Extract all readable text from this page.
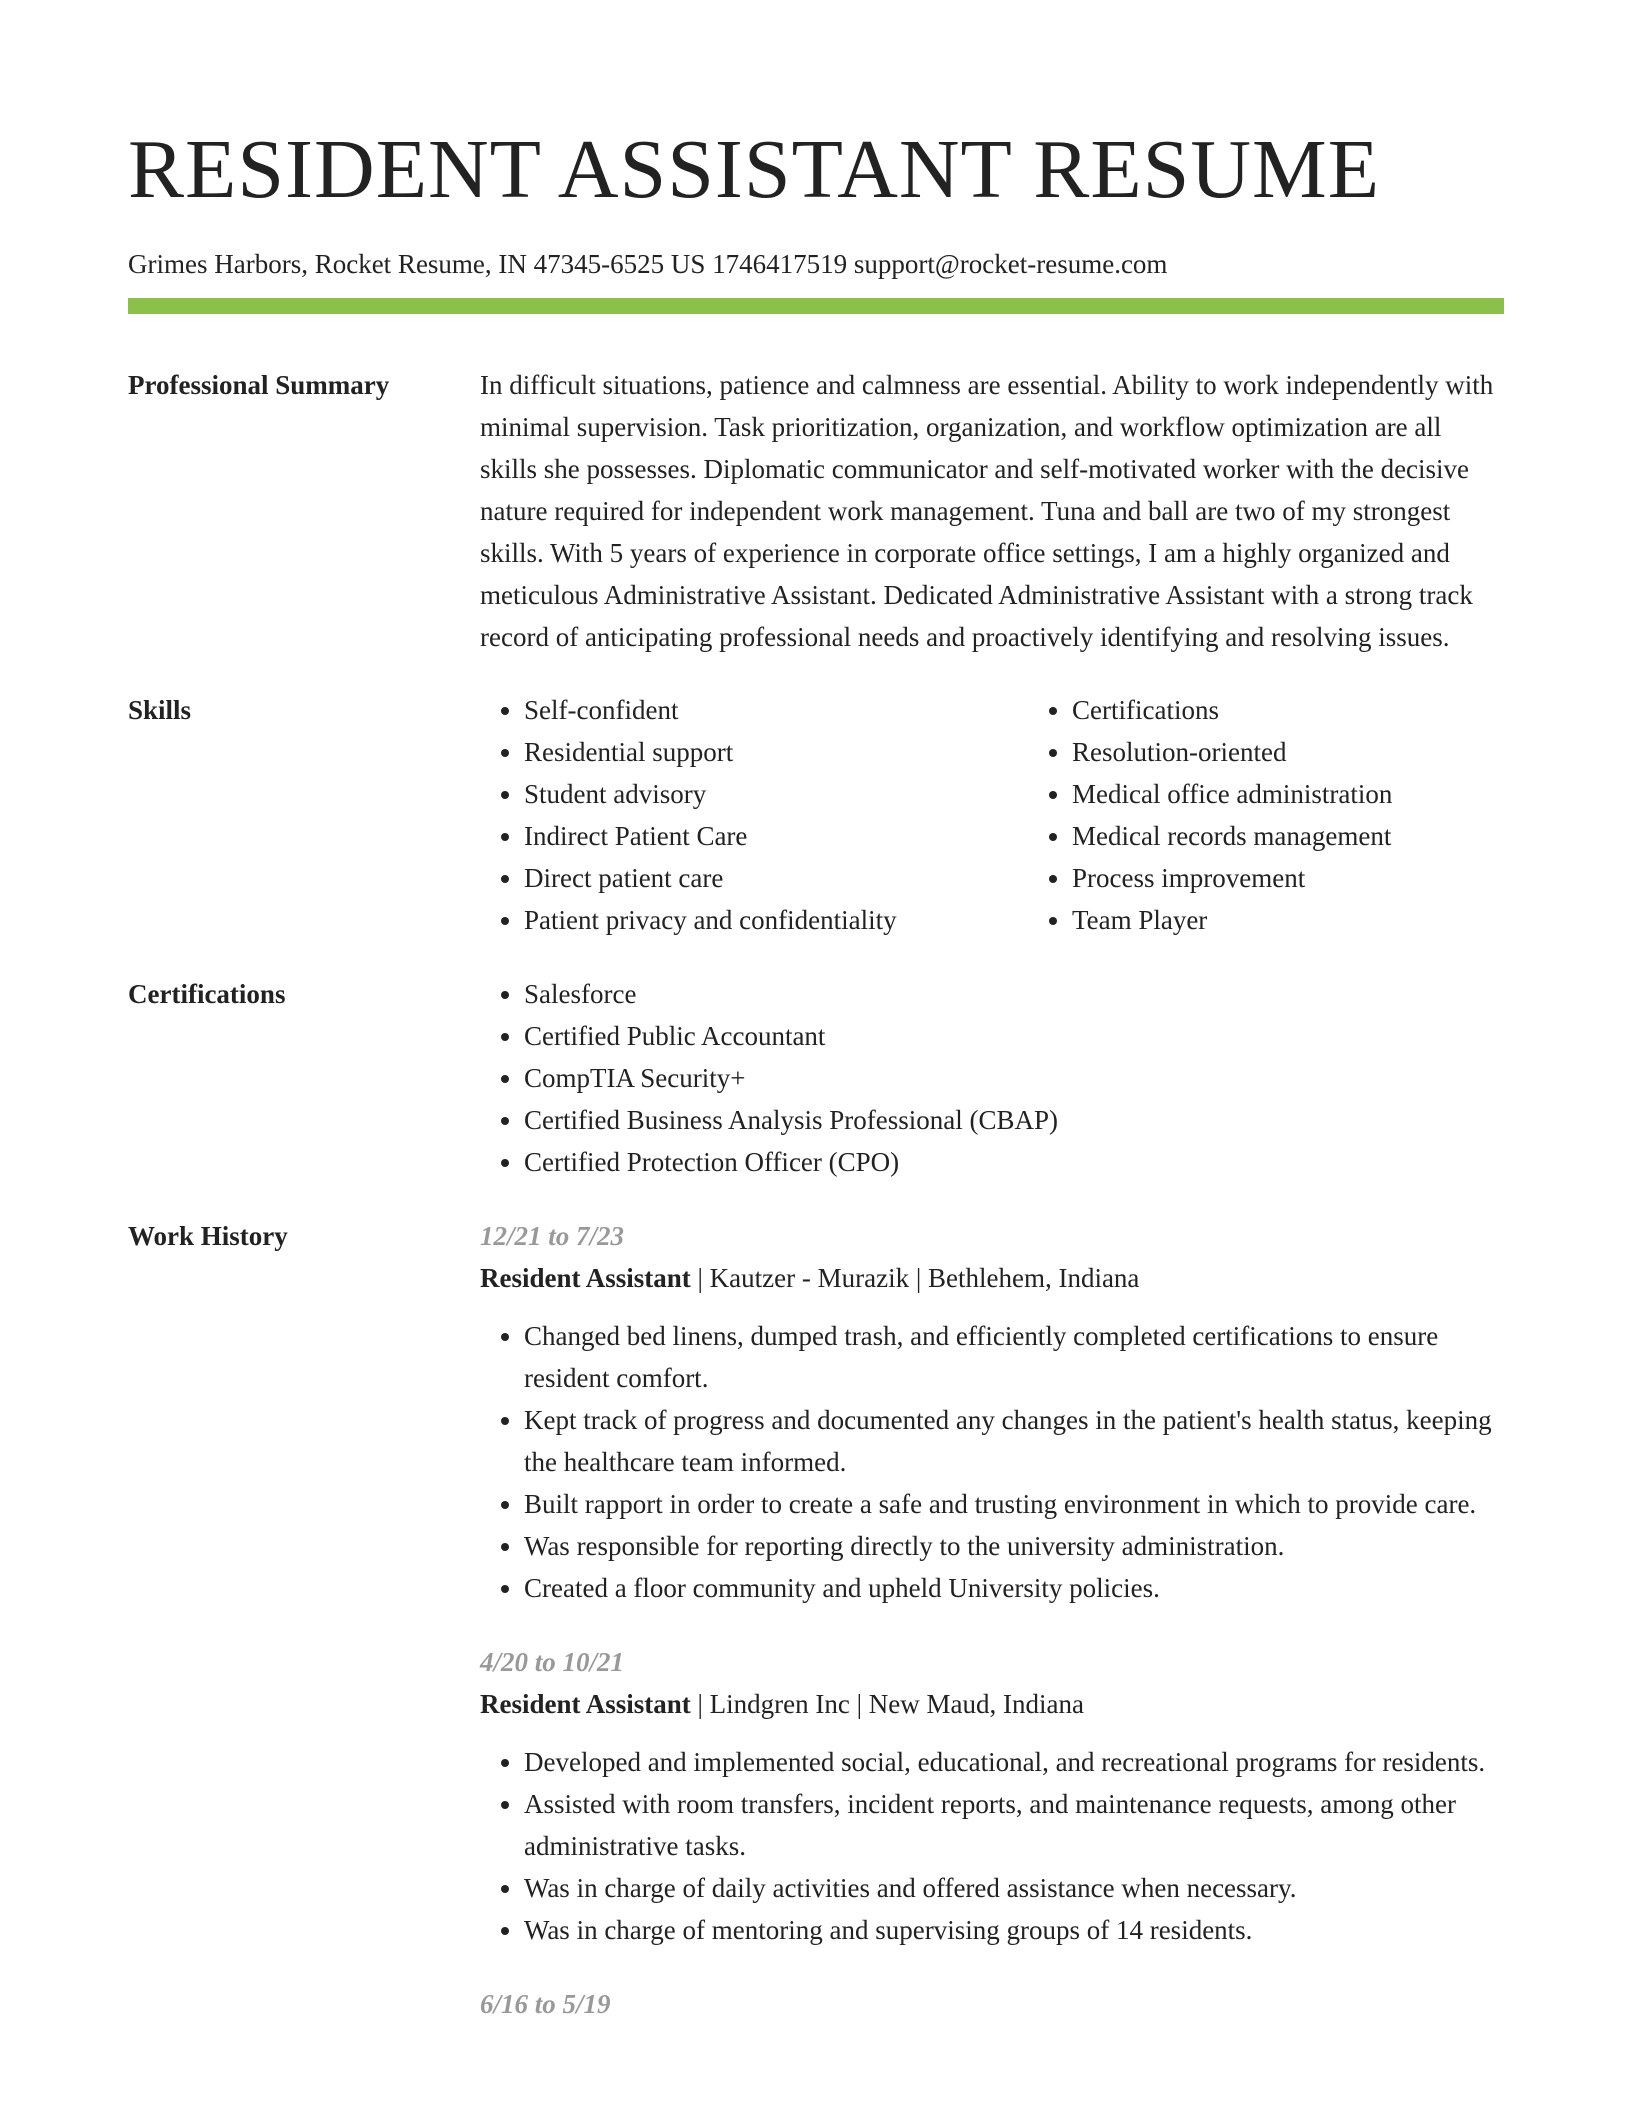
RESIDENT ASSISTANT RESUME
Grimes Harbors, Rocket Resume, IN 47345-6525 US 1746417519 support@rocket-resume.com
Professional Summary	In difficult situations, patience and calmness are essential. Ability to work independently with minimal supervision. Task prioritization, organization, and workflow optimization are all skills she possesses. Diplomatic communicator and self-motivated worker with the decisive nature required for independent work management. Tuna and ball are two of my strongest skills. With 5 years of experience in corporate office settings, I am a highly organized and meticulous Administrative Assistant. Dedicated Administrative Assistant with a strong track record of anticipating professional needs and proactively identifying and resolving issues.

Skills	• Self-confident
• Residential support
• Student advisory
• Indirect Patient Care
• Direct patient care
• Patient privacy and confidentiality
• Certifications
• Resolution-oriented
• Medical office administration
• Medical records management
• Process improvement
• Team Player
Certifications	• Salesforce
• Certified Public Accountant
• CompTIA Security+
• Certified Business Analysis Professional (CBAP)
• Certified Protection Officer (CPO)
Work History	12/21 to 7/23
Resident Assistant | Kautzer - Murazik | Bethlehem, Indiana
• Changed bed linens, dumped trash, and efficiently completed certifications to ensure resident comfort.
• Kept track of progress and documented any changes in the patient's health status, keeping the healthcare team informed.
• Built rapport in order to create a safe and trusting environment in which to provide care.
• Was responsible for reporting directly to the university administration.
• Created a floor community and upheld University policies.
4/20 to 10/21
Resident Assistant | Lindgren Inc | New Maud, Indiana
• Developed and implemented social, educational, and recreational programs for residents.
• Assisted with room transfers, incident reports, and maintenance requests, among other administrative tasks.
• Was in charge of daily activities and offered assistance when necessary.
• Was in charge of mentoring and supervising groups of 14 residents.
6/16 to 5/19
